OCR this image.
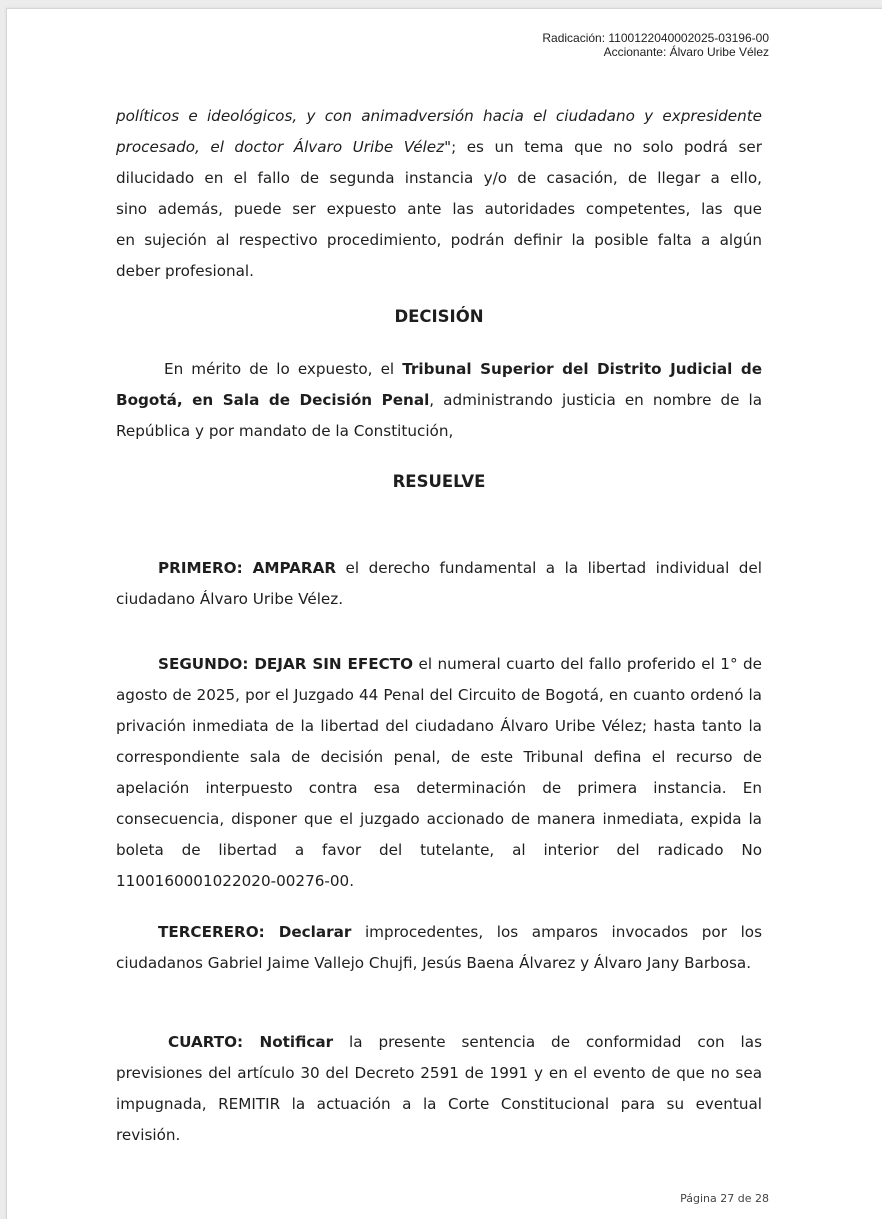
Radicación: 1100122040002025-03196-00
Accionante: Álvaro Uribe Vélez
políticos e ideológicos, y con animadversión hacia el ciudadano y expresidente
procesado, el doctor Álvaro Uribe Vélez"; es un tema que no solo podrá ser
dilucidado en el fallo de segunda instancia y/o de casación, de llegar a ello,
sino además, puede ser expuesto ante las autoridades competentes, las que
en sujeción al respectivo procedimiento, podrán definir la posible falta a algún
deber profesional.
DECISIÓN
En mérito de lo expuesto, el Tribunal Superior del Distrito Judicial de Bogotá, en Sala de Decisión Penal, administrando justicia en nombre de la República y por mandato de la Constitución,
RESUELVE
PRIMERO: AMPARAR el derecho fundamental a la libertad individual del ciudadano Álvaro Uribe Vélez.
SEGUNDO: DEJAR SIN EFECTO el numeral cuarto del fallo proferido el 1° de agosto de 2025, por el Juzgado 44 Penal del Circuito de Bogotá, en cuanto ordenó la privación inmediata de la libertad del ciudadano Álvaro Uribe Vélez; hasta tanto la correspondiente sala de decisión penal, de este Tribunal defina el recurso de apelación interpuesto contra esa determinación de primera instancia. En consecuencia, disponer que el juzgado accionado de manera inmediata, expida la boleta de libertad a favor del tutelante, al interior del radicado No 1100160001022020-00276-00.
TERCERERO: Declarar improcedentes, los amparos invocados por los ciudadanos Gabriel Jaime Vallejo Chujfi, Jesús Baena Álvarez y Álvaro Jany Barbosa.
CUARTO: Notificar la presente sentencia de conformidad con las previsiones del artículo 30 del Decreto 2591 de 1991 y en el evento de que no sea impugnada, REMITIR la actuación a la Corte Constitucional para su eventual revisión.
Página 27 de 28
